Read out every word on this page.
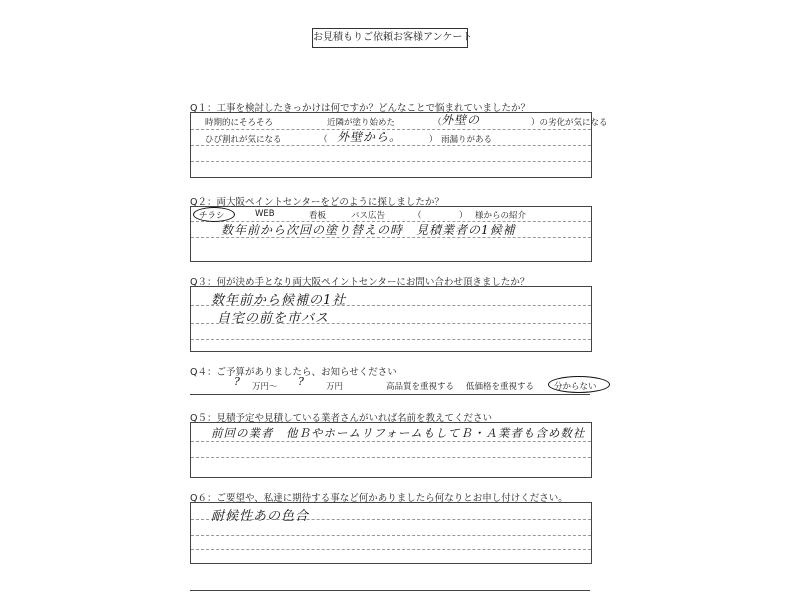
お見積もりご依頼お客様アンケート
Q１：工事を検討したきっかけは何ですか？どんなことで悩まれていましたか？
時期的にそろそろ	近隣が塗り始めた	（	）の劣化が気になる
外壁の
ひび割れが気になる	（	）
外壁から。	雨漏りがある
Q２：両大阪ペイントセンターをどのように探しましたか？
チラシ	WEB	看板	バス広告	（	） 様からの紹介
数年前から次回の塗り替えの時　見積業者の1候補
Q３：何が決め手となり両大阪ペイントセンターにお問い合わせ頂きましたか？
数年前から候補の1社
自宅の前を市バス
Q４：ご予算がありましたら、お知らせください
? 万円～ ? 万円	高品質を重視する 低価格を重視する 分からない
Q５：見積予定や見積している業者さんがいれば名前を教えてください
前回の業者　他ＢやホームリフォームもしてＢ・Ａ業者も含め数社
Q６：ご要望や、私達に期待する事など何かありましたら何なりとお申し付けください。
耐候性あの色合
